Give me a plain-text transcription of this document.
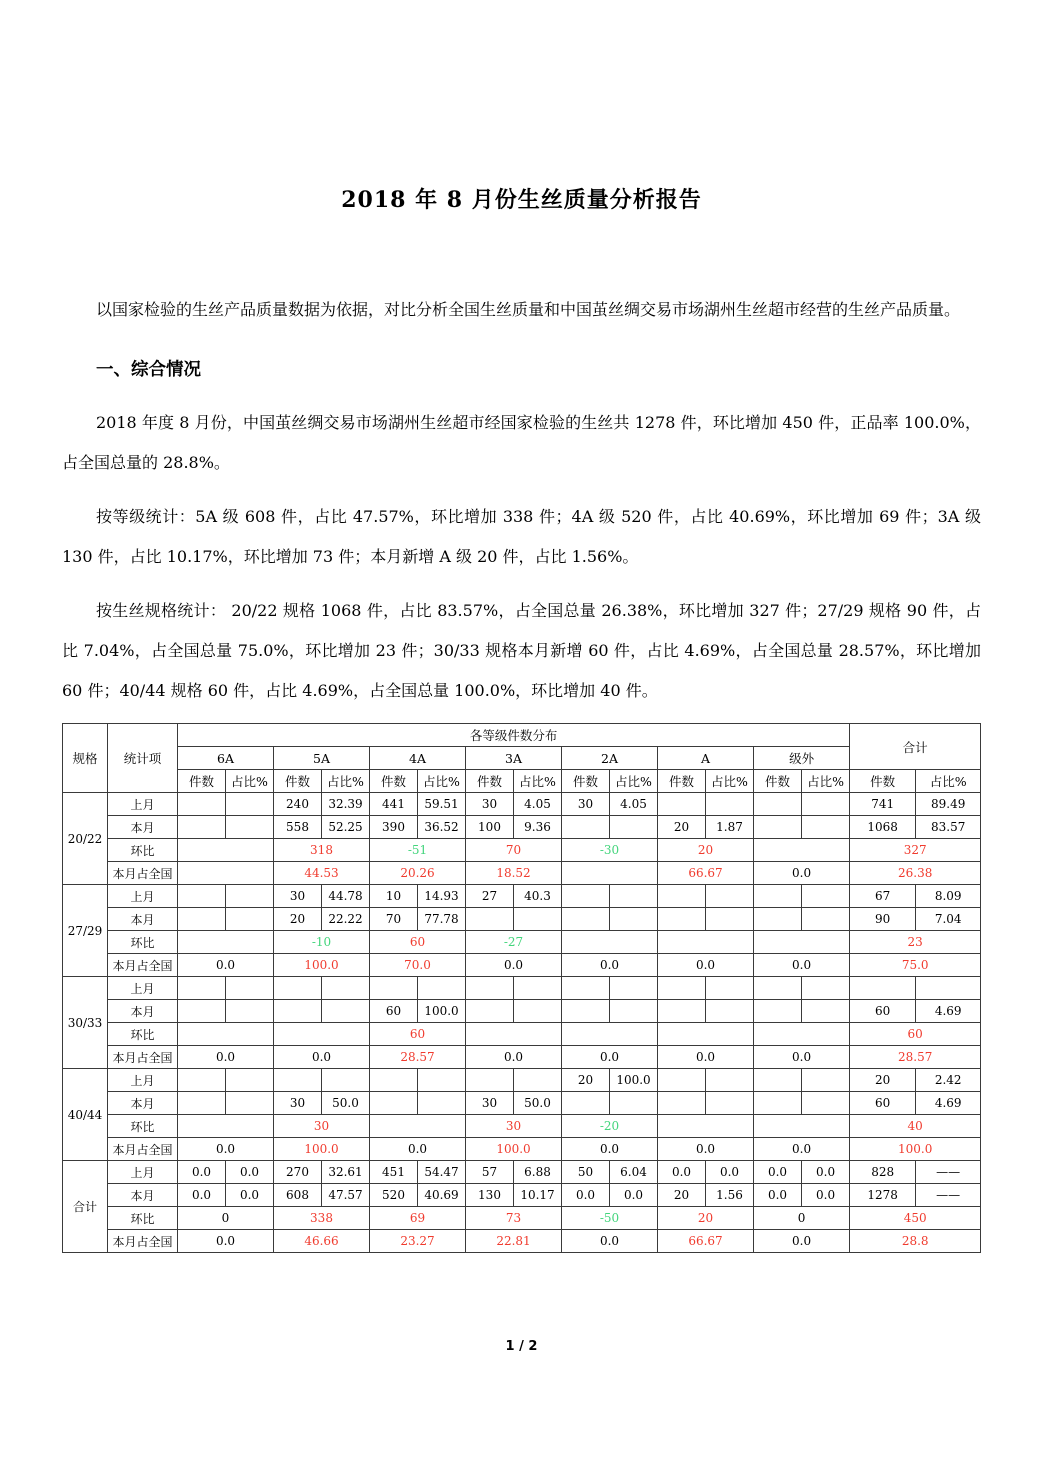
2018 年 8 月份生丝质量分析报告

以国家检验的生丝产品质量数据为依据，对比分析全国生丝质量和中国茧丝绸交易市场湖州生丝超市经营的生丝产品质量。

一、综合情况

2018 年度 8 月份，中国茧丝绸交易市场湖州生丝超市经国家检验的生丝共 1278 件，环比增加 450 件，正品率 100.0%，占全国总量的 28.8%。

按等级统计：5A 级 608 件，占比 47.57%，环比增加 338 件；4A 级 520 件，占比 40.69%，环比增加 69 件；3A 级 130 件，占比 10.17%，环比增加 73 件；本月新增 A 级 20 件，占比 1.56%。

按生丝规格统计： 20/22 规格 1068 件，占比 83.57%，占全国总量 26.38%，环比增加 327 件；27/29 规格 90 件，占比 7.04%，占全国总量 75.0%，环比增加 23 件；30/33 规格本月新增 60 件，占比 4.69%，占全国总量 28.57%，环比增加 60 件；40/44 规格 60 件，占比 4.69%，占全国总量 100.0%，环比增加 40 件。

规格	统计项	各等级件数分布														合计	
		6A		5A		4A		3A		2A		A		级外			
		件数	占比%	件数	占比%	件数	占比%	件数	占比%	件数	占比%	件数	占比%	件数	占比%	件数	占比%
20/22	上月			240	32.39	441	59.51	30	4.05	30	4.05					741	89.49
	本月			558	52.25	390	36.52	100	9.36			20	1.87			1068	83.57
	环比			318		-51		70		-30		20				327	
	本月占全国			44.53		20.26		18.52				66.67		0.0		26.38	
27/29	上月			30	44.78	10	14.93	27	40.3							67	8.09
	本月			20	22.22	70	77.78									90	7.04
	环比			-10		60		-27								23	
	本月占全国	0.0		100.0		70.0		0.0		0.0		0.0		0.0		75.0	
30/33	上月																
	本月					60	100.0									60	4.69
	环比					60										60	
	本月占全国	0.0		0.0		28.57		0.0		0.0		0.0		0.0		28.57	
40/44	上月									20	100.0					20	2.42
	本月			30	50.0			30	50.0							60	4.69
	环比			30				30		-20						40	
	本月占全国	0.0		100.0		0.0		100.0		0.0		0.0		0.0		100.0	
合计	上月	0.0	0.0	270	32.61	451	54.47	57	6.88	50	6.04	0.0	0.0	0.0	0.0	828	——
	本月	0.0	0.0	608	47.57	520	40.69	130	10.17	0.0	0.0	20	1.56	0.0	0.0	1278	——
	环比	0		338		69		73		-50		20		0		450	
	本月占全国	0.0		46.66		23.27		22.81		0.0		66.67		0.0		28.8	
1 / 2
